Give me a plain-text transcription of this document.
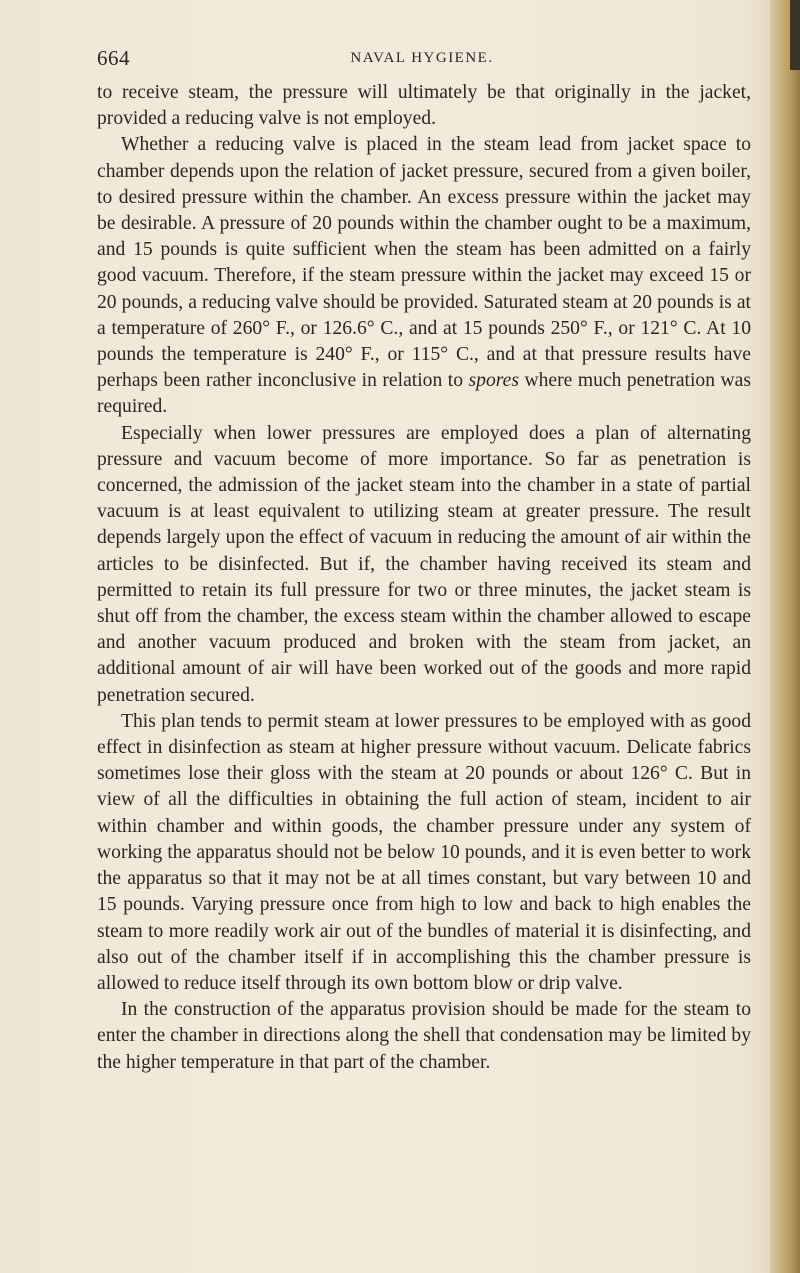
664	NAVAL HYGIENE.

to receive steam, the pressure will ultimately be that originally in the jacket, provided a reducing valve is not employed.

Whether a reducing valve is placed in the steam lead from jacket space to chamber depends upon the relation of jacket pressure, secured from a given boiler, to desired pressure within the chamber. An excess pressure within the jacket may be desirable. A pressure of 20 pounds within the chamber ought to be a maximum, and 15 pounds is quite sufficient when the steam has been admitted on a fairly good vacuum. Therefore, if the steam pressure within the jacket may exceed 15 or 20 pounds, a reducing valve should be provided. Saturated steam at 20 pounds is at a temperature of 260° F., or 126.6° C., and at 15 pounds 250° F., or 121° C. At 10 pounds the temperature is 240° F., or 115° C., and at that pressure results have perhaps been rather inconclusive in relation to spores where much penetration was required.

Especially when lower pressures are employed does a plan of alternating pressure and vacuum become of more importance. So far as penetration is concerned, the admission of the jacket steam into the chamber in a state of partial vacuum is at least equivalent to utilizing steam at greater pressure. The result depends largely upon the effect of vacuum in reducing the amount of air within the articles to be disinfected. But if, the chamber having received its steam and permitted to retain its full pressure for two or three minutes, the jacket steam is shut off from the chamber, the excess steam within the chamber allowed to escape and another vacuum produced and broken with the steam from jacket, an additional amount of air will have been worked out of the goods and more rapid penetration secured.

This plan tends to permit steam at lower pressures to be employed with as good effect in disinfection as steam at higher pressure without vacuum. Delicate fabrics sometimes lose their gloss with the steam at 20 pounds or about 126° C. But in view of all the difficulties in obtaining the full action of steam, incident to air within chamber and within goods, the chamber pressure under any system of working the apparatus should not be below 10 pounds, and it is even better to work the apparatus so that it may not be at all times constant, but vary between 10 and 15 pounds. Varying pressure once from high to low and back to high enables the steam to more readily work air out of the bundles of material it is disinfecting, and also out of the chamber itself if in accomplishing this the chamber pressure is allowed to reduce itself through its own bottom blow or drip valve.

In the construction of the apparatus provision should be made for the steam to enter the chamber in directions along the shell that condensation may be limited by the higher temperature in that part of the chamber.
